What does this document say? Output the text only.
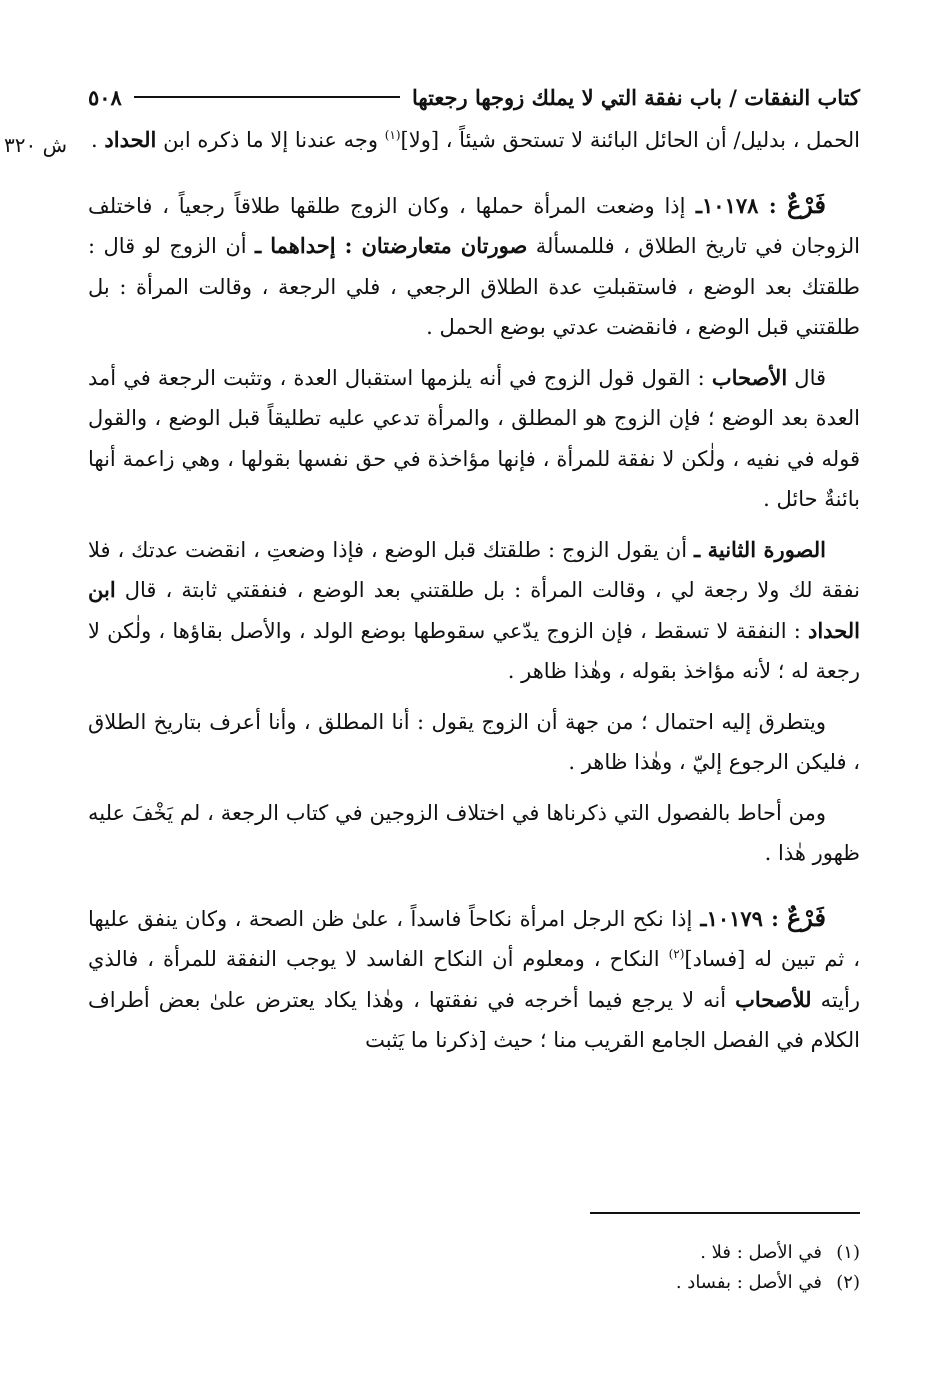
كتاب النفقات / باب نفقة التي لا يملك زوجها رجعتها
٥٠٨

الحمل ، بدليل/ أن الحائل البائنة لا تستحق شيئاً ، [ولا]$^{(١)}$ وجه عندنا إلا ما ذكره ابن الحداد .

فَرْعٌ : ١٠١٧٨ـ إذا وضعت المرأة حملها ، وكان الزوج طلقها طلاقاً رجعياً ، فاختلف الزوجان في تاريخ الطلاق ، فللمسألة صورتان متعارضتان : إحداهما ـ أن الزوج لو قال : طلقتك بعد الوضع ، فاستقبلتِ عدة الطلاق الرجعي ، فلي الرجعة ، وقالت المرأة : بل طلقتني قبل الوضع ، فانقضت عدتي بوضع الحمل .

قال الأصحاب : القول قول الزوج في أنه يلزمها استقبال العدة ، وتثبت الرجعة في أمد العدة بعد الوضع ؛ فإن الزوج هو المطلق ، والمرأة تدعي عليه تطليقاً قبل الوضع ، والقول قوله في نفيه ، ولٰكن لا نفقة للمرأة ، فإنها مؤاخذة في حق نفسها بقولها ، وهي زاعمة أنها بائنةٌ حائل .

الصورة الثانية ـ أن يقول الزوج : طلقتك قبل الوضع ، فإذا وضعتِ ، انقضت عدتك ، فلا نفقة لك ولا رجعة لي ، وقالت المرأة : بل طلقتني بعد الوضع ، فنفقتي ثابتة ، قال ابن الحداد : النفقة لا تسقط ، فإن الزوج يدّعي سقوطها بوضع الولد ، والأصل بقاؤها ، ولٰكن لا رجعة له ؛ لأنه مؤاخذ بقوله ، وهٰذا ظاهر .

ويتطرق إليه احتمال ؛ من جهة أن الزوج يقول : أنا المطلق ، وأنا أعرف بتاريخ الطلاق ، فليكن الرجوع إليّ ، وهٰذا ظاهر .

ومن أحاط بالفصول التي ذكرناها في اختلاف الزوجين في كتاب الرجعة ، لم يَخْفَ عليه ظهور هٰذا .

فَرْعٌ : ١٠١٧٩ـ إذا نكح الرجل امرأة نكاحاً فاسداً ، علىٰ ظن الصحة ، وكان ينفق عليها ، ثم تبين له [فساد]$^{(٢)}$ النكاح ، ومعلوم أن النكاح الفاسد لا يوجب النفقة للمرأة ، فالذي رأيته للأصحاب أنه لا يرجع فيما أخرجه في نفقتها ، وهٰذا يكاد يعترض علىٰ بعض أطراف الكلام في الفصل الجامع القريب منا ؛ حيث [ذكرنا ما يَثبت

ش ٣٢٠
(١)في الأصل : فلا .
(٢)في الأصل : بفساد .
